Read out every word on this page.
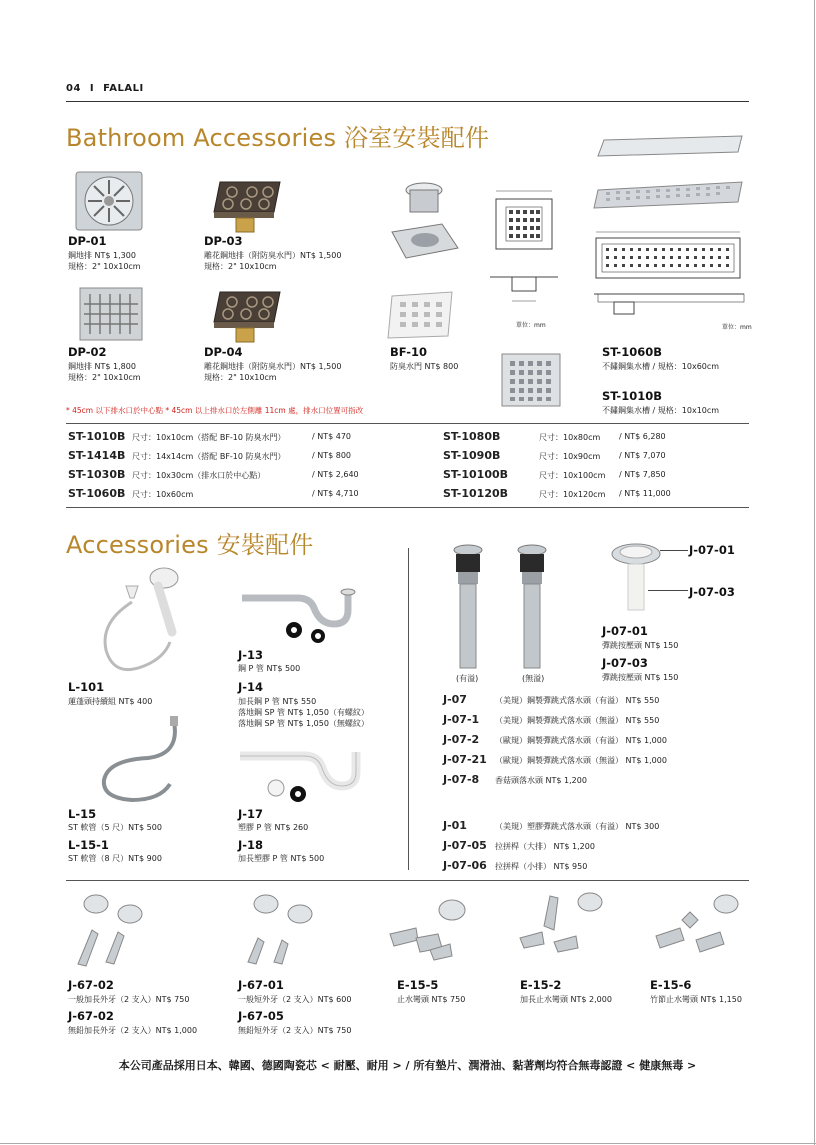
04 I FALALI
Bathroom Accessories 浴室安裝配件
DP-01
鋼地排 NT$ 1,300
規格：2" 10x10cm
DP-03
雕花鋼地排（附防臭水門）NT$ 1,500
規格：2" 10x10cm
單位：mm	單位：mm
DP-02
鋼地排 NT$ 1,800
規格：2" 10x10cm
DP-04
雕花鋼地排（附防臭水門）NT$ 1,500
規格：2" 10x10cm
BF-10
防臭水門 NT$ 800
ST-1060B
不鏽鋼集水槽 / 規格：10x60cm
ST-1010B
不鏽鋼集水槽 / 規格：10x10cm
* 45cm 以下排水口於中心點 * 45cm 以上排水口於左側離 11cm 處，排水口位置可指改
ST-1010B 尺寸：10x10cm（搭配 BF-10 防臭水門）	/ NT$ 470
ST-1414B 尺寸：14x14cm（搭配 BF-10 防臭水門）	/ NT$ 800
ST-1030B 尺寸：10x30cm（排水口於中心點）	/ NT$ 2,640
ST-1060B 尺寸：10x60cm	/ NT$ 4,710
ST-1080B	尺寸：10x80cm / NT$ 6,280
ST-1090B	尺寸：10x90cm / NT$ 7,070
ST-10100B	尺寸：10x100cm / NT$ 7,850
ST-10120B	尺寸：10x120cm / NT$ 11,000
Accessories 安裝配件
L-101
蓮蓬頭持續組 NT$ 400
J-13
鋼 P 管 NT$ 500
J-14
加長鋼 P 管 NT$ 550
落地鋼 SP 管 NT$ 1,050（有螺紋）
落地鋼 SP 管 NT$ 1,050（無螺紋）
L-15
ST 軟管（5 尺）NT$ 500
L-15-1
ST 軟管（8 尺）NT$ 900
J-17
塑膠 P 管 NT$ 260
J-18
加長塑膠 P 管 NT$ 500
(有溢)	(無溢)
J-07-01
J-07-03
J-07-01
彈跳按壓頭 NT$ 150
J-07-03
彈跳按壓頭 NT$ 150
J-07	（美規）鋼製彈跳式落水頭（有溢） NT$ 550
J-07-1 （美規）鋼製彈跳式落水頭（無溢） NT$ 550
J-07-2 （歐規）鋼製彈跳式落水頭（有溢） NT$ 1,000
J-07-21 （歐規）鋼製彈跳式落水頭（無溢） NT$ 1,000
J-07-8 香菇頭落水頭 NT$ 1,200
J-01	（美規）塑膠彈跳式落水頭（有溢） NT$ 300
J-07-05 拉拼桿（大排） NT$ 1,200
J-07-06 拉拼桿（小排） NT$ 950
J-67-02
一般加長外牙（2 支入）NT$ 750
J-67-01
一般短外牙（2 支入）NT$ 600
E-15-5
止水彎頭 NT$ 750
E-15-2
加長止水彎頭 NT$ 2,000
E-15-6
竹節止水彎頭 NT$ 1,150
J-67-02
無鉛加長外牙（2 支入）NT$ 1,000
J-67-05
無鉛短外牙（2 支入）NT$ 750
本公司產品採用日本、韓國、德國陶瓷芯 < 耐壓、耐用 > / 所有墊片、潤滑油、黏著劑均符合無毒認證 < 健康無毒 >
